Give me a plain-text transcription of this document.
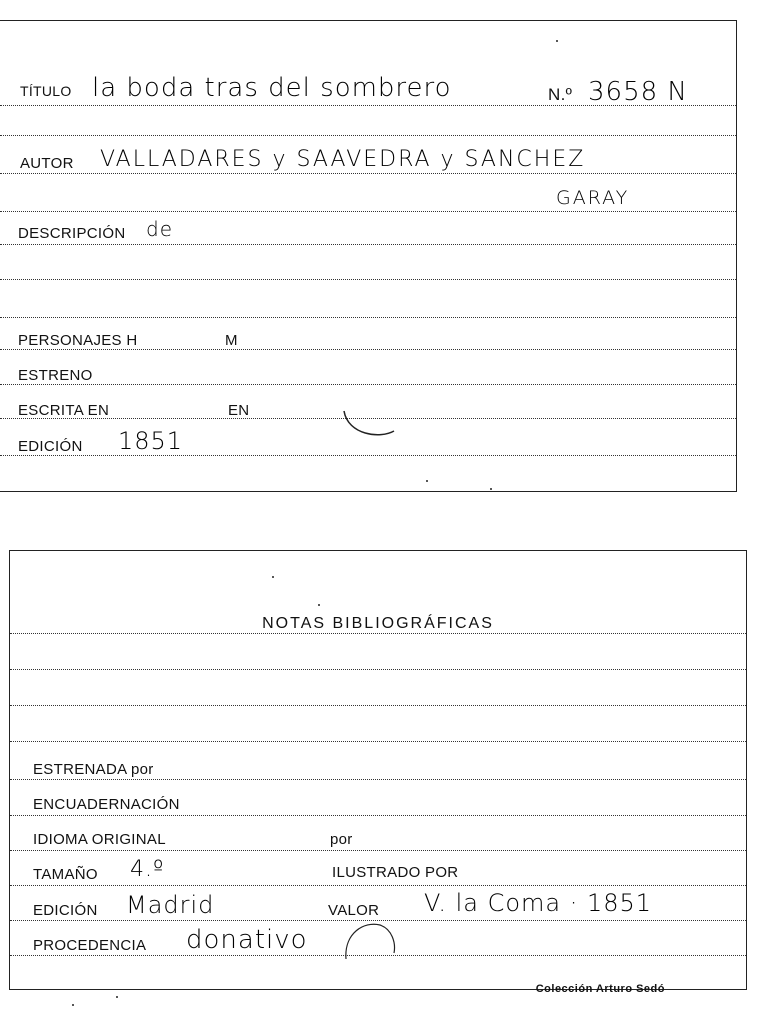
TÍTULO la boda tras del sombrero	N.º 3658 N
AUTOR VALLADARES y SAAVEDRA y SANCHEZ
GARAY
DESCRIPCIÓN de
PERSONAJES H	M
ESTRENO
ESCRITA EN	EN
EDICIÓN 1851
NOTAS BIBLIOGRÁFICAS
ESTRENADA por
ENCUADERNACIÓN
IDIOMA ORIGINAL	por
TAMAÑO 4.º	ILUSTRADO POR
EDICIÓN Madrid	VALOR V. la Coma · 1851
PROCEDENCIA donativo
Colección Arturo Sedó
